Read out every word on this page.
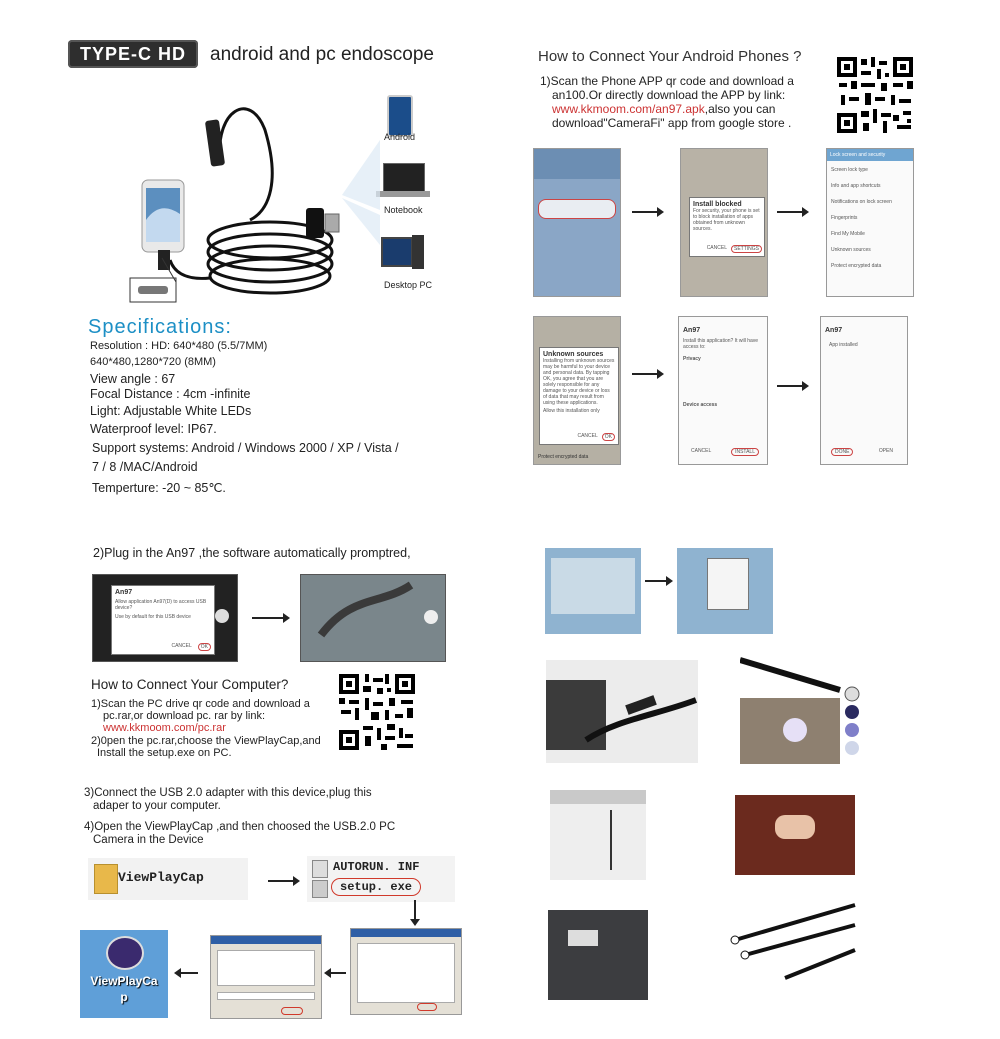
TYPE-C HD	android and pc endoscope
Android
Notebook
Desktop PC
Specifications:
Resolution : HD: 640*480 (5.5/7MM)
640*480,1280*720 (8MM)
View angle : 67
Focal Distance : 4cm -infinite
Light: Adjustable White LEDs
Waterproof level: IP67.
Support systems: Android / Windows 2000 / XP / Vista /
7 / 8 /MAC/Android
Temperture: -20 ~ 85℃.
How to Connect Your Android Phones ?
1)Scan the Phone APP qr code and download a
an100.Or directly download the APP by link:
www.kkmoom.com/an97.apk,also you can
download"CameraFi" app from google store .
Install blocked
For security, your phone is set to block installation of apps obtained from unknown sources.
CANCEL	SETTINGS
Lock screen and security
Screen lock type
Info and app shortcuts
Notifications on lock screen
Fingerprints
Find My Mobile
Unknown sources
Protect encrypted data
Unknown sources
Installing from unknown sources may be harmful to your device and personal data. By tapping OK, you agree that you are solely responsible for any damage to your device or loss of data that may result from using these applications.
Allow this installation only
CANCEL	OK
Protect encrypted data
An97
Install this application? It will have access to:
Privacy
Device access
CANCEL	INSTALL
An97
App installed
DONE	OPEN
2)Plug in the An97 ,the software automatically promptred,
An97
Allow application An97(D) to access USB device?
Use by default for this USB device
CANCEL	OK
How to Connect Your Computer?
1)Scan the PC drive qr code and download a
pc.rar,or download pc. rar by link:
www.kkmoom.com/pc.rar
2)0pen the pc.rar,choose the ViewPlayCap,and
Install the setup.exe on PC.
3)Connect the USB 2.0 adapter with this device,plug this
adaper to your computer.
4)Open the ViewPlayCap ,and then choosed the USB.2.0 PC
Camera in the Device
ViewPlayCap
AUTORUN. INF
setup. exe
ViewPlayCa
p
